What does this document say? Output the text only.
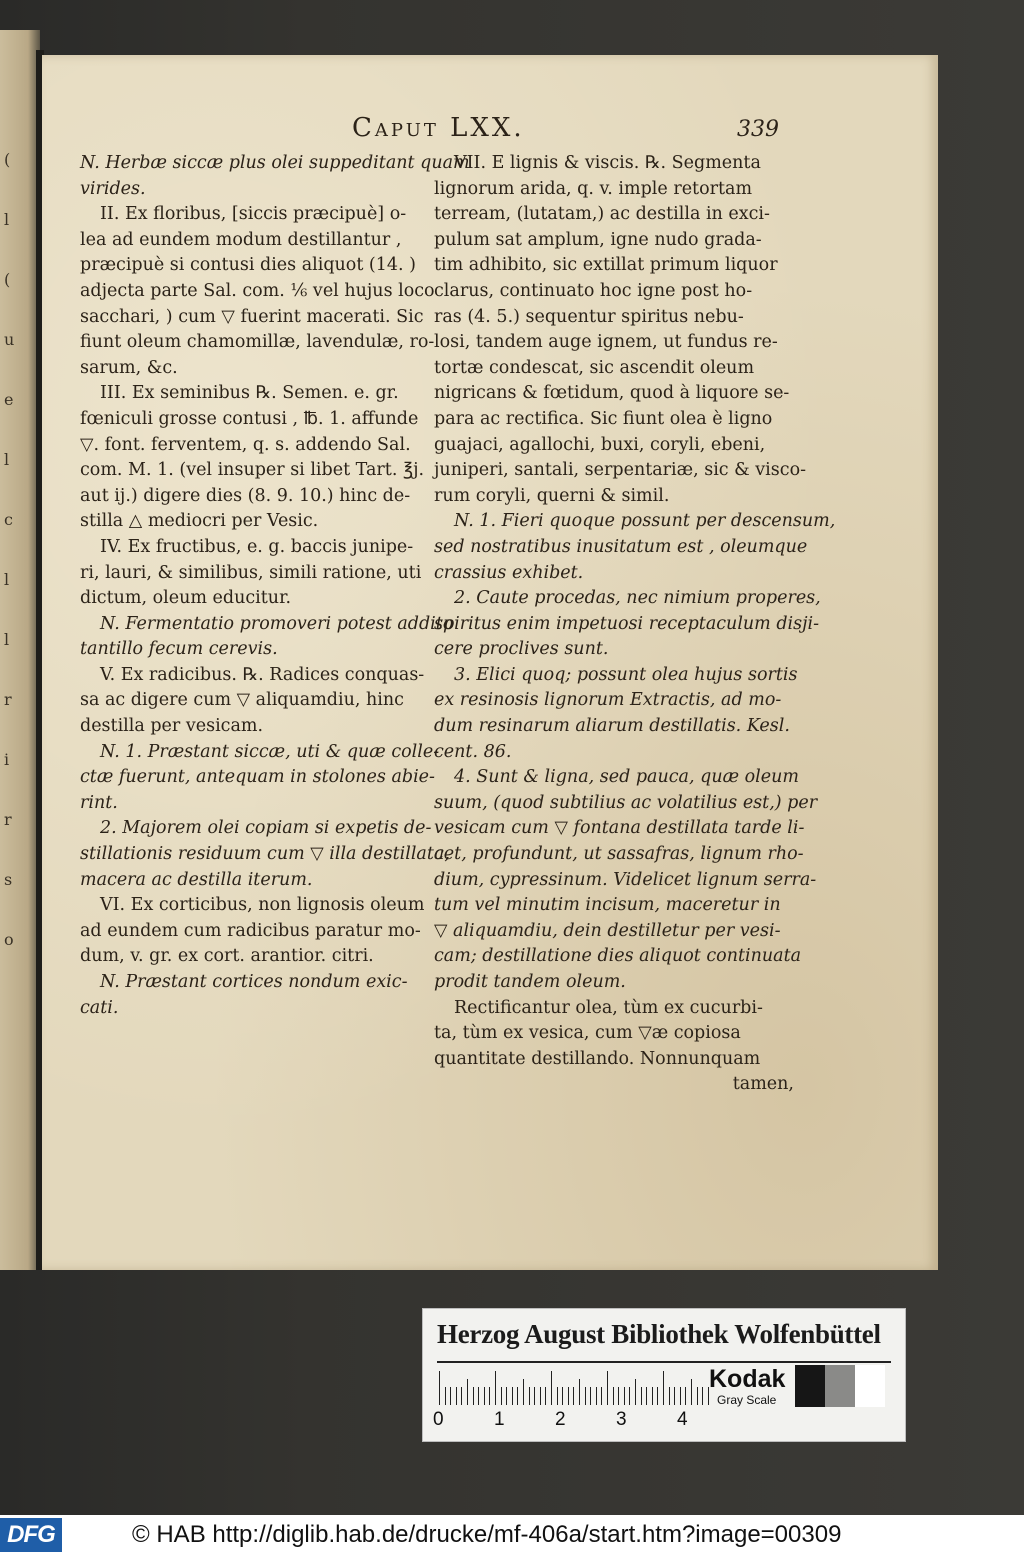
(
l
(
u
e
l
c
l
l
r
i
r
s
o
Caput LXX.	339
N. Herbæ siccæ plus olei suppeditant quam
virides.
II. Ex floribus, [siccis præcipuè] o-
lea ad eundem modum destillantur ,
præcipuè si contusi dies aliquot (14. )
adjecta parte Sal. com. ⅙ vel hujus loco
sacchari, ) cum ▽ fuerint macerati. Sic
fiunt oleum chamomillæ, lavendulæ, ro-
sarum, &c.
III. Ex seminibus ℞. Semen. e. gr.
fœniculi grosse contusi , ℔. 1. affunde
▽. font. ferventem, q. s. addendo Sal.
com. M. 1. (vel insuper si libet Tart. ℥j.
aut ij.) digere dies (8. 9. 10.) hinc de-
stilla △ mediocri per Vesic.
IV. Ex fructibus, e. g. baccis junipe-
ri, lauri, & similibus, simili ratione, uti
dictum, oleum educitur.
N. Fermentatio promoveri potest addito
tantillo fecum cerevis.
V. Ex radicibus. ℞. Radices conquas-
sa ac digere cum ▽ aliquamdiu, hinc
destilla per vesicam.
N. 1. Præstant siccæ, uti & quæ colle-
ctæ fuerunt, antequam in stolones abie-
rint.
2. Majorem olei copiam si expetis de-
stillationis residuum cum ▽ illa destillata,
macera ac destilla iterum.
VI. Ex corticibus, non lignosis oleum
ad eundem cum radicibus paratur mo-
dum, v. gr. ex cort. arantior. citri.
N. Præstant cortices nondum exic-
cati.
VII. E lignis & viscis. ℞. Segmenta
lignorum arida, q. v. imple retortam
terream, (lutatam,) ac destilla in exci-
pulum sat amplum, igne nudo grada-
tim adhibito, sic extillat primum liquor
clarus, continuato hoc igne post ho-
ras (4. 5.) sequentur spiritus nebu-
losi, tandem auge ignem, ut fundus re-
tortæ condescat, sic ascendit oleum
nigricans & fœtidum, quod à liquore se-
para ac rectifica. Sic fiunt olea è ligno
guajaci, agallochi, buxi, coryli, ebeni,
juniperi, santali, serpentariæ, sic & visco-
rum coryli, querni & simil.
N. 1. Fieri quoque possunt per descensum,
sed nostratibus inusitatum est , oleumque
crassius exhibet.
2. Caute procedas, nec nimium properes,
spiritus enim impetuosi receptaculum disji-
cere proclives sunt.
3. Elici quoq; possunt olea hujus sortis
ex resinosis lignorum Extractis, ad mo-
dum resinarum aliarum destillatis. Kesl.
cent. 86.
4. Sunt & ligna, sed pauca, quæ oleum
suum, (quod subtilius ac volatilius est,) per
vesicam cum ▽ fontana destillata tarde li-
cet, profundunt, ut sassafras, lignum rho-
dium, cypressinum. Videlicet lignum serra-
tum vel minutim incisum, maceretur in
▽ aliquamdiu, dein destilletur per vesi-
cam; destillatione dies aliquot continuata
prodit tandem oleum.
Rectificantur olea, tùm ex cucurbi-
ta, tùm ex vesica, cum ▽æ copiosa
quantitate destillando. Nonnunquam
tamen,
Herzog August Bibliothek Wolfenbüttel
0	1	2	3	4
Kodak
Gray Scale
DFG	© HAB http://diglib.hab.de/drucke/mf-406a/start.htm?image=00309
